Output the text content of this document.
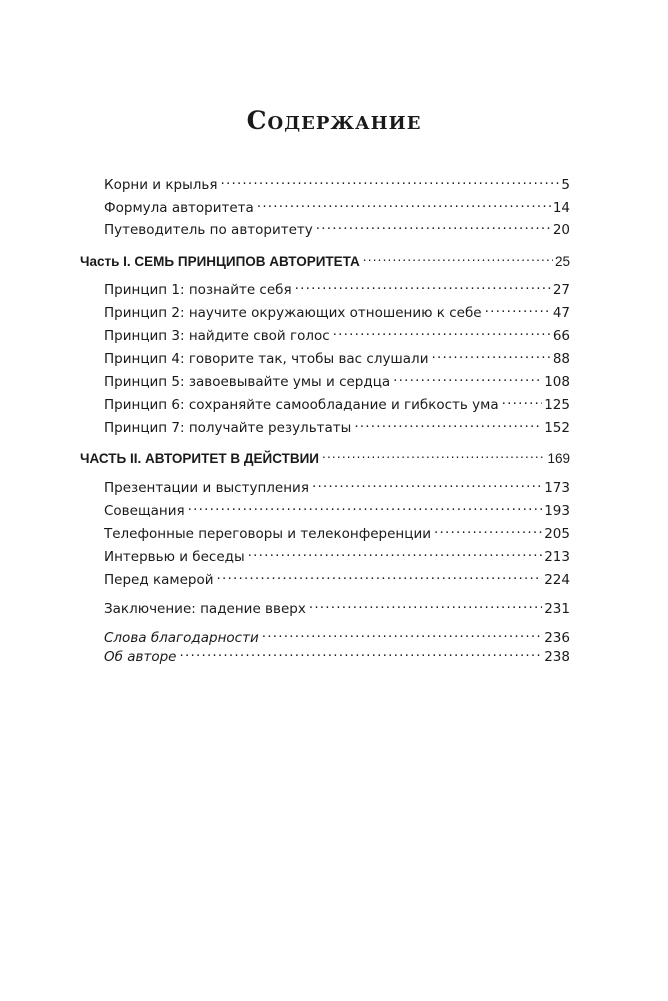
Содержание
Корни и крылья .....	5
Формула авторитета .....	14
Путеводитель по авторитету .....	20
Часть I. СЕМЬ ПРИНЦИПОВ АВТОРИТЕТА .....	25
Принцип 1: познайте себя .....	27
Принцип 2: научите окружающих отношению к себе .....	47
Принцип 3: найдите свой голос .....	66
Принцип 4: говорите так, чтобы вас слушали .....	88
Принцип 5: завоевывайте умы и сердца .....	108
Принцип 6: сохраняйте самообладание и гибкость ума .....	125
Принцип 7: получайте результаты .....	152
ЧАСТЬ II. АВТОРИТЕТ В ДЕЙСТВИИ .....	169
Презентации и выступления .....	173
Совещания .....	193
Телефонные переговоры и телеконференции .....	205
Интервью и беседы .....	213
Перед камерой .....	224
Заключение: падение вверх .....	231
Слова благодарности .....	236
Об авторе .....	238
